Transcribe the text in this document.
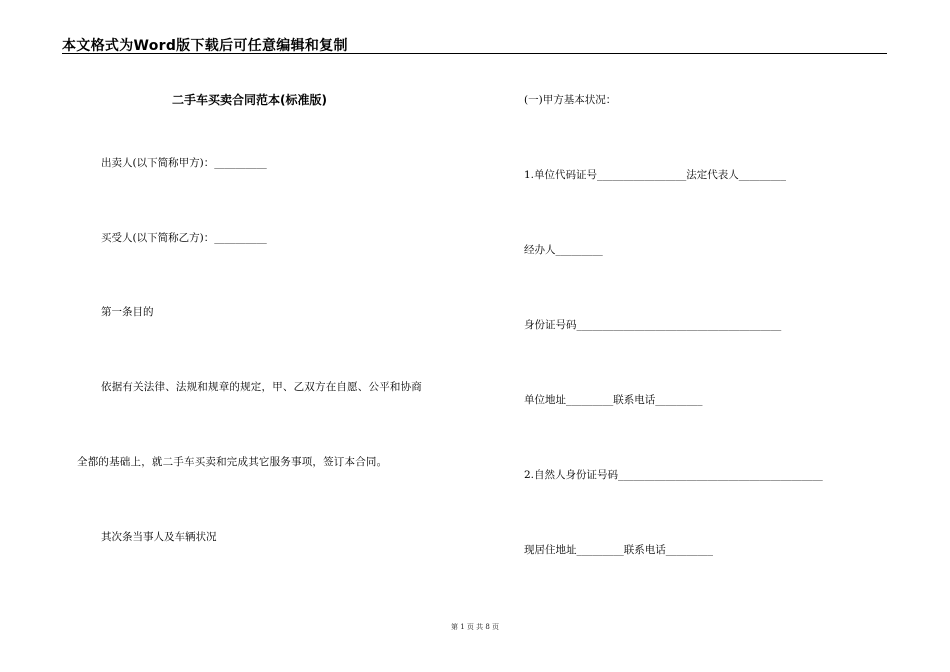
本文格式为Word版下载后可任意编辑和复制
二手车买卖合同范本(标准版)
出卖人(以下简称甲方)：__________
买受人(以下简称乙方)：__________
第一条目的
依据有关法律、法规和规章的规定，甲、乙双方在自愿、公平和协商
全都的基础上，就二手车买卖和完成其它服务事项，签订本合同。
其次条当事人及车辆状况
(一)甲方基本状况：
1.单位代码证号_________________法定代表人_________
经办人_________
身份证号码_______________________________________
单位地址_________联系电话_________
2.自然人身份证号码_______________________________________
现居住地址_________联系电话_________
第 1 页 共 8 页
